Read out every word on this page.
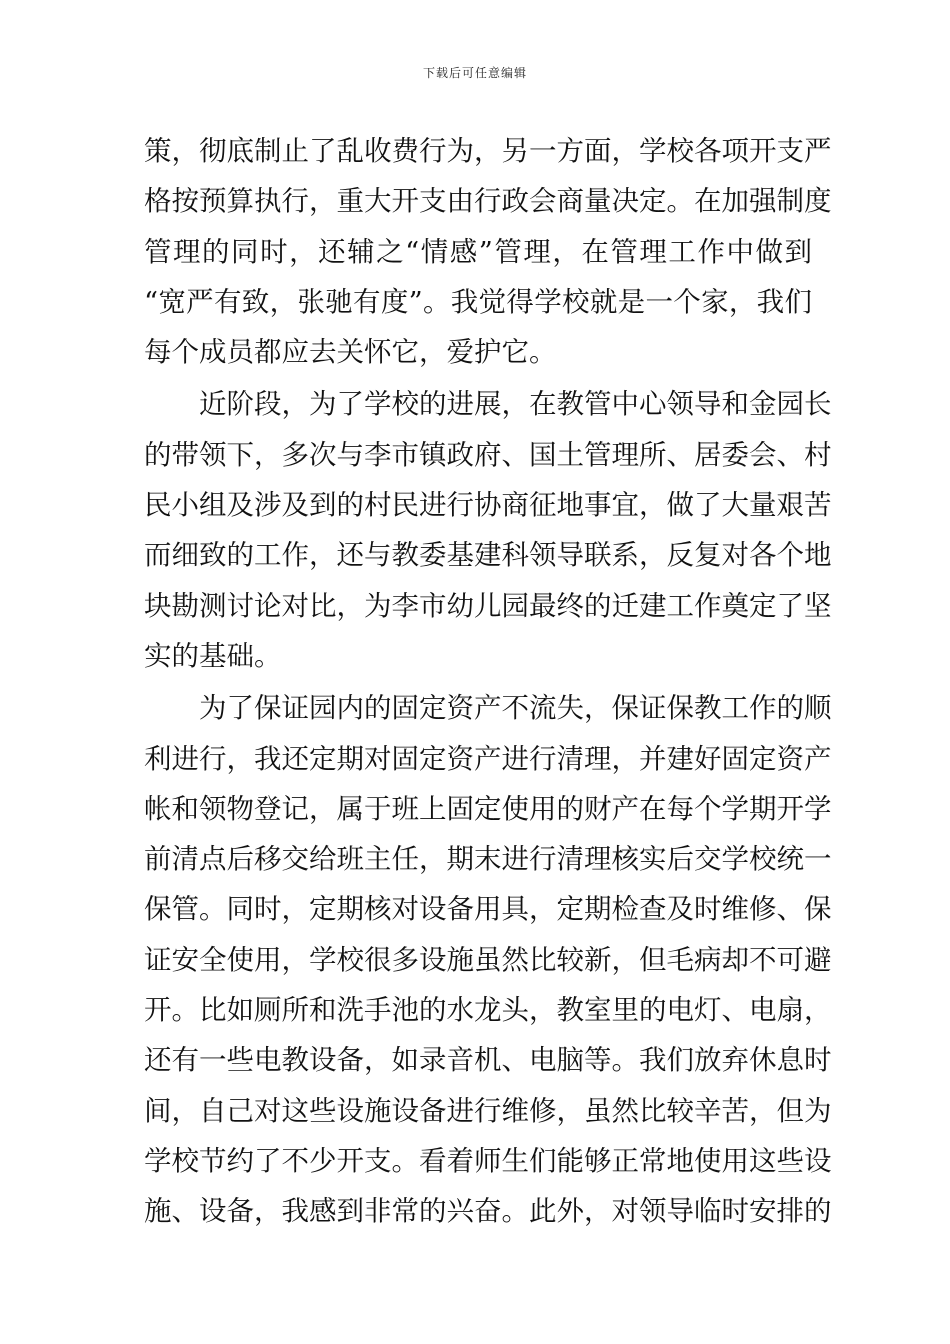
下载后可任意编辑
策，彻底制止了乱收费行为，另一方面，学校各项开支严
格按预算执行，重大开支由行政会商量决定。在加强制度
管理的同时，还辅之“情感”管理，在管理工作中做到
“宽严有致，张驰有度”。我觉得学校就是一个家，我们
每个成员都应去关怀它，爱护它。
　　近阶段，为了学校的进展，在教管中心领导和金园长
的带领下，多次与李市镇政府、国土管理所、居委会、村
民小组及涉及到的村民进行协商征地事宜，做了大量艰苦
而细致的工作，还与教委基建科领导联系，反复对各个地
块勘测讨论对比，为李市幼儿园最终的迁建工作奠定了坚
实的基础。
　　为了保证园内的固定资产不流失，保证保教工作的顺
利进行，我还定期对固定资产进行清理，并建好固定资产
帐和领物登记，属于班上固定使用的财产在每个学期开学
前清点后移交给班主任，期末进行清理核实后交学校统一
保管。同时，定期核对设备用具，定期检查及时维修、保
证安全使用，学校很多设施虽然比较新，但毛病却不可避
开。比如厕所和洗手池的水龙头，教室里的电灯、电扇，
还有一些电教设备，如录音机、电脑等。我们放弃休息时
间，自己对这些设施设备进行维修，虽然比较辛苦，但为
学校节约了不少开支。看着师生们能够正常地使用这些设
施、设备，我感到非常的兴奋。此外，对领导临时安排的
